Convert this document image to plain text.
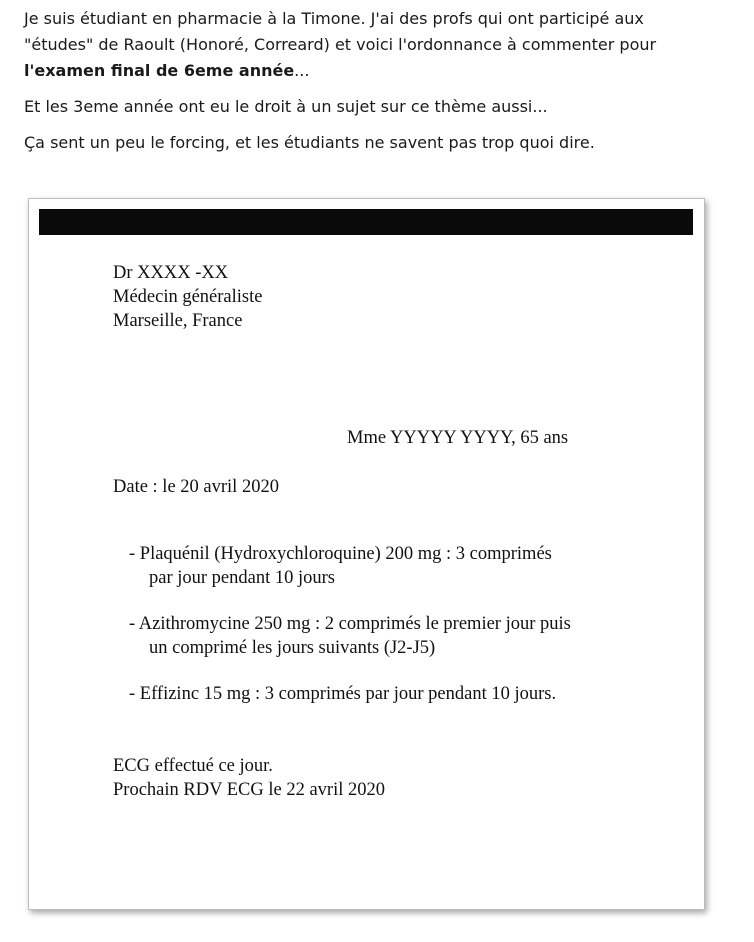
Je suis étudiant en pharmacie à la Timone. J'ai des profs qui ont participé aux
"études" de Raoult (Honoré, Correard) et voici l'ordonnance à commenter pour
l'examen final de 6eme année...

Et les 3eme année ont eu le droit à un sujet sur ce thème aussi...

Ça sent un peu le forcing, et les étudiants ne savent pas trop quoi dire.

Dr XXXX -XX
Médecin généraliste
Marseille, France
Mme YYYYY YYYY, 65 ans
Date : le 20 avril 2020
- Plaquénil (Hydroxychloroquine) 200 mg : 3 comprimés
par jour pendant 10 jours
- Azithromycine 250 mg : 2 comprimés le premier jour puis
un comprimé les jours suivants (J2-J5)
- Effizinc 15 mg : 3 comprimés par jour pendant 10 jours.
ECG effectué ce jour.
Prochain RDV ECG le 22 avril 2020
